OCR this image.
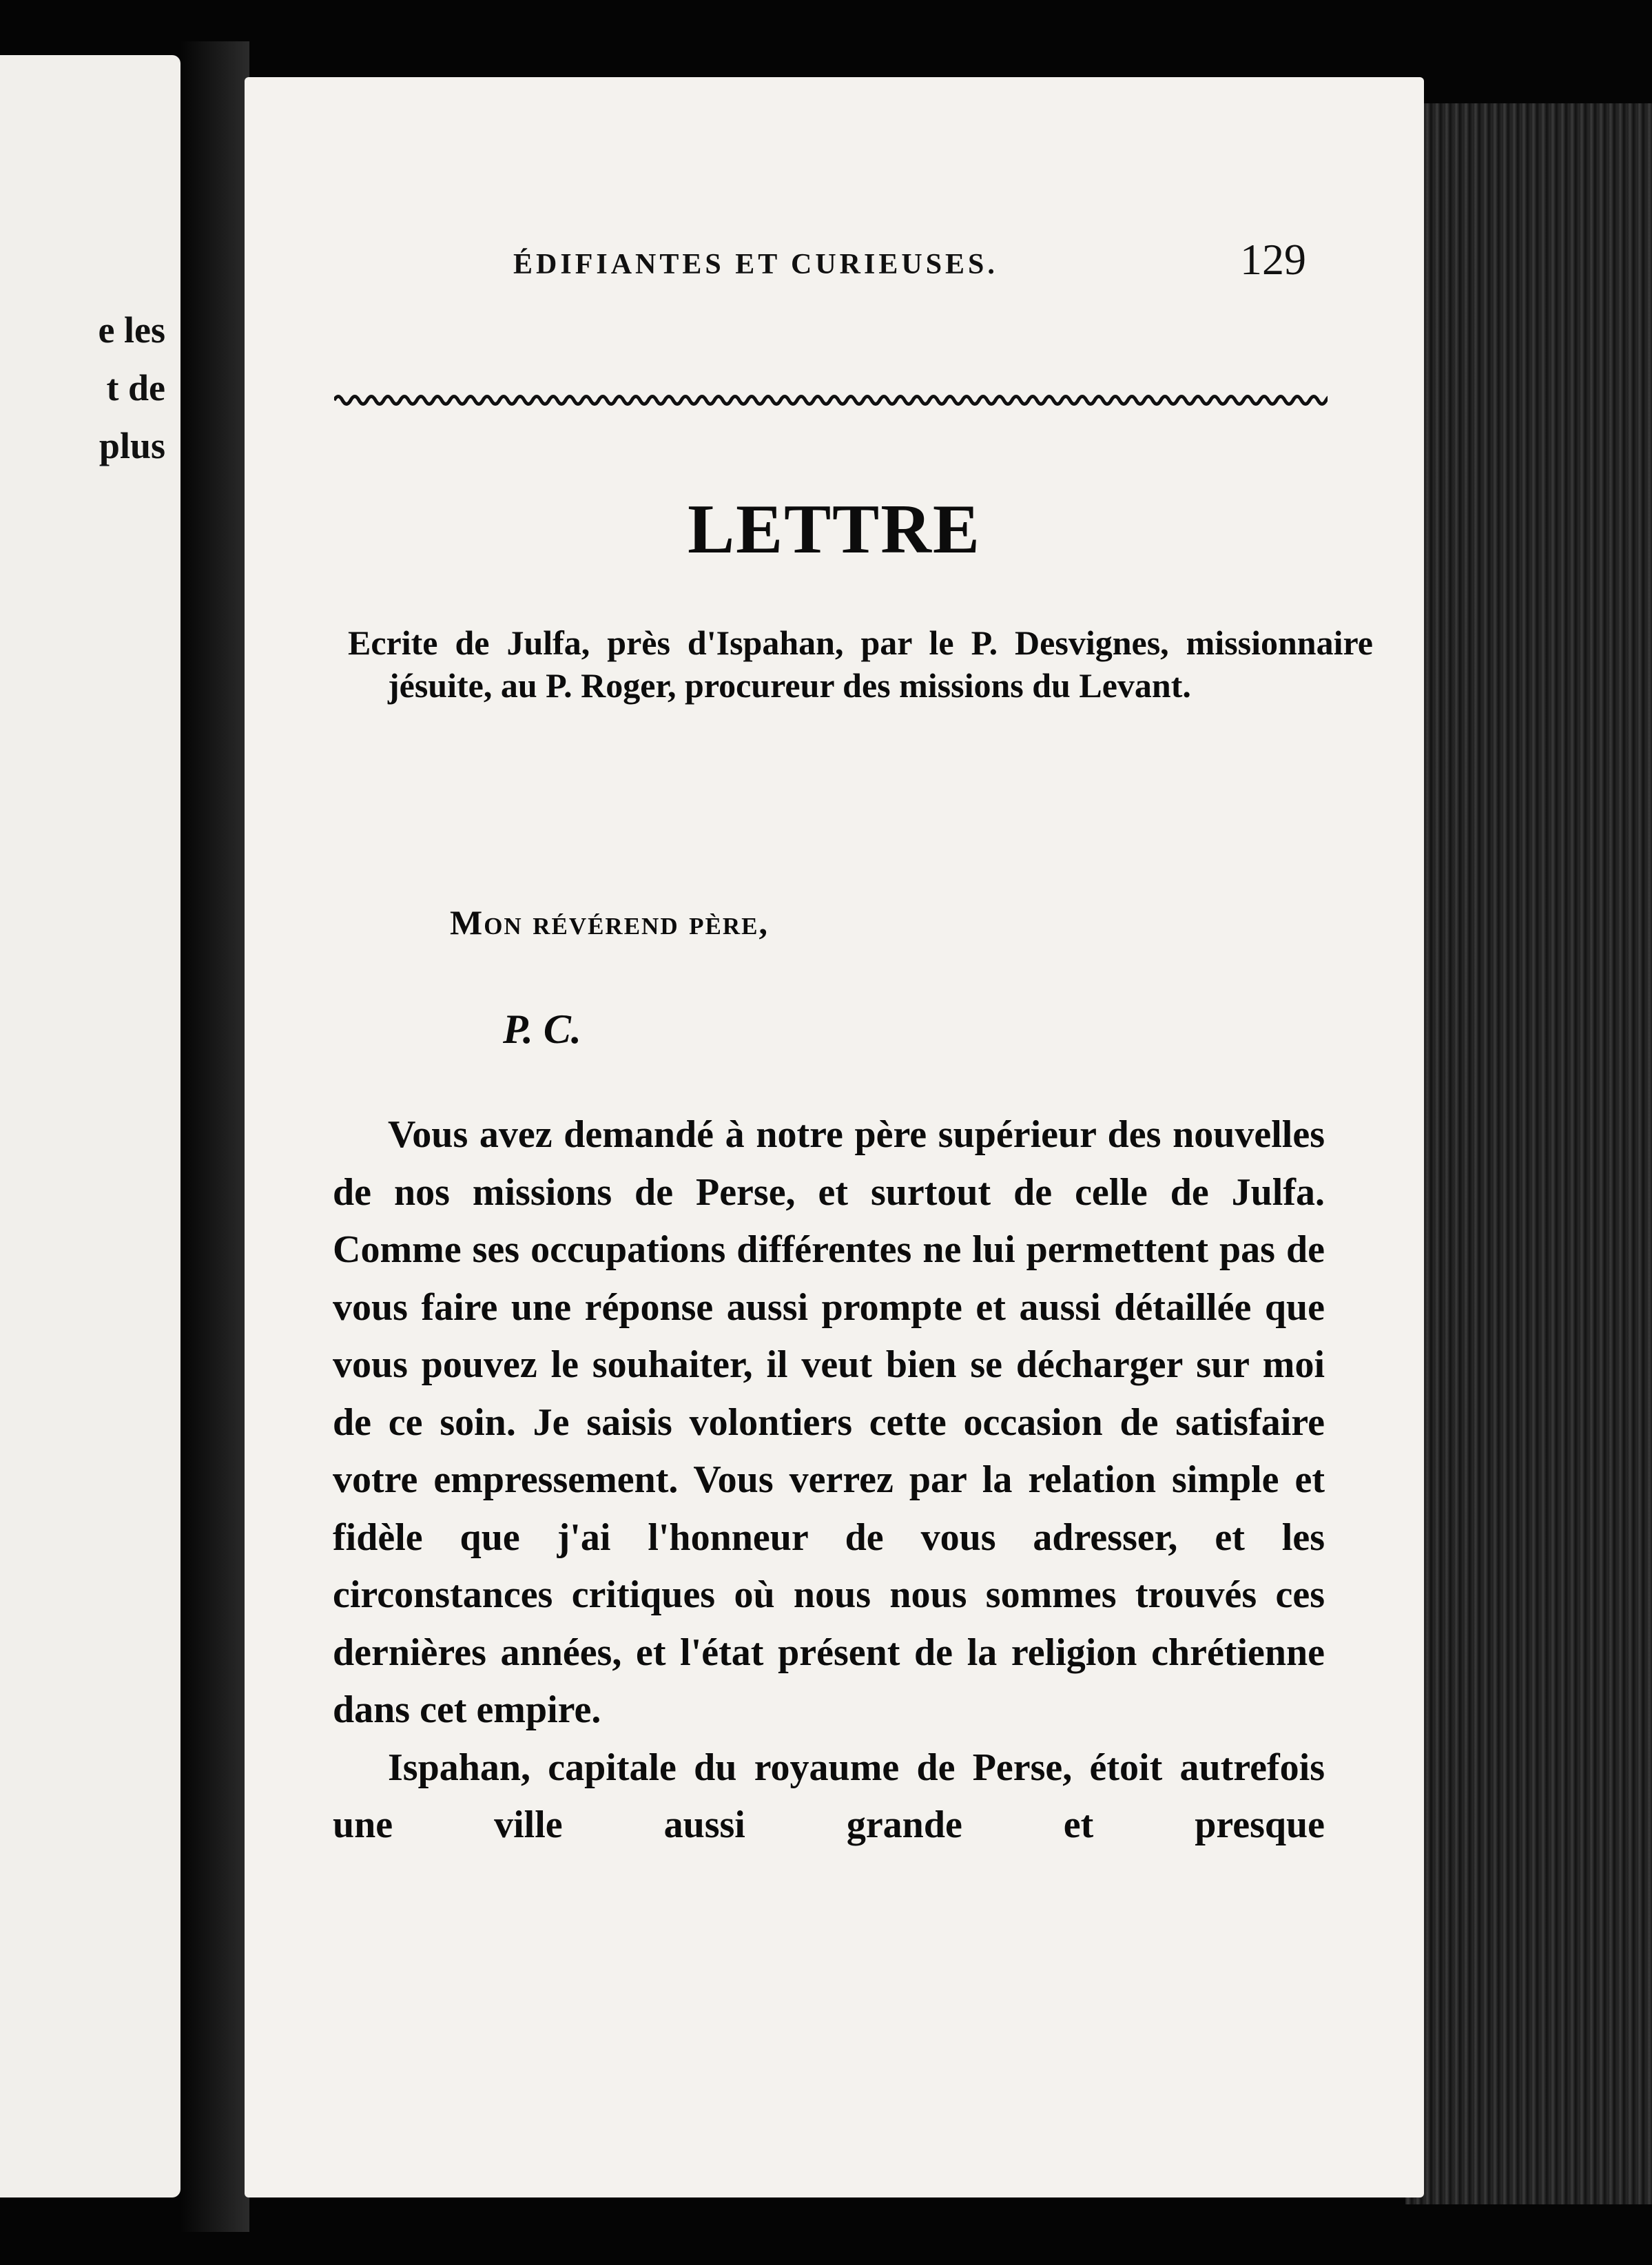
e les
t de
plus
ÉDIFIANTES ET CURIEUSES.	129
LETTRE
Ecrite de Julfa, près d'Ispahan, par le P. Desvignes, missionnaire jésuite, au P. Roger, procureur des missions du Levant.
Mon révérend père,
P. C.

Vous avez demandé à notre père supérieur des nouvelles de nos missions de Perse, et surtout de celle de Julfa. Comme ses occupations différentes ne lui permettent pas de vous faire une réponse aussi prompte et aussi détaillée que vous pouvez le souhaiter, il veut bien se décharger sur moi de ce soin. Je saisis volontiers cette occasion de satisfaire votre empressement. Vous verrez par la relation simple et fidèle que j'ai l'honneur de vous adresser, et les circonstances critiques où nous nous sommes trouvés ces dernières années, et l'état présent de la religion chrétienne dans cet empire.

Ispahan, capitale du royaume de Perse, étoit autrefois une ville aussi grande et presque
